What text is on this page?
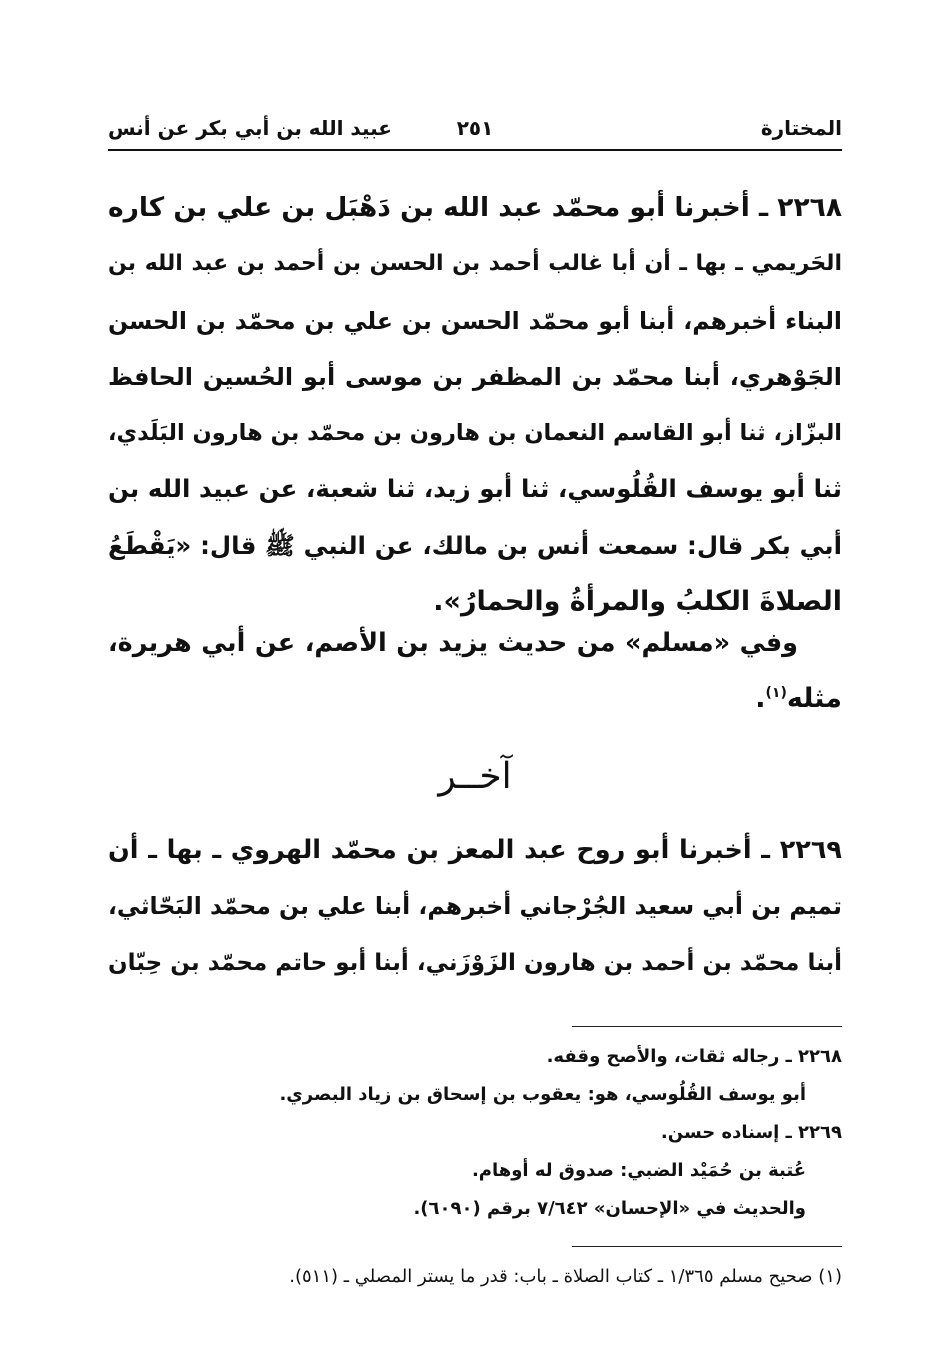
المختارة
٢٥١
عبيد الله بن أبي بكر عن أنس
٢٢٦٨ ـ أخبرنا أبو محمّد عبد الله بن دَهْبَل بن علي بن كاره
الحَريمي ـ بها ـ أن أبا غالب أحمد بن الحسن بن أحمد بن عبد الله بن
البناء أخبرهم، أبنا أبو محمّد الحسن بن علي بن محمّد بن الحسن
الجَوْهري، أبنا محمّد بن المظفر بن موسى أبو الحُسين الحافظ
البزّاز، ثنا أبو القاسم النعمان بن هارون بن محمّد بن هارون البَلَدي،
ثنا أبو يوسف القُلُوسي، ثنا أبو زيد، ثنا شعبة، عن عبيد الله بن
أبي بكر قال: سمعت أنس بن مالك، عن النبي ﷺ قال: «يَقْطَعُ
الصلاةَ الكلبُ والمرأةُ والحمارُ».
وفي «مسلم» من حديث يزيد بن الأصم، عن أبي هريرة،
مثله$^{(١)}$.
آخــر
٢٢٦٩ ـ أخبرنا أبو روح عبد المعز بن محمّد الهروي ـ بها ـ أن
تميم بن أبي سعيد الجُرْجاني أخبرهم، أبنا علي بن محمّد البَحّاثي،
أبنا محمّد بن أحمد بن هارون الزَوْزَني، أبنا أبو حاتم محمّد بن حِبّان
٢٢٦٨ ـ رجاله ثقات، والأصح وقفه.
أبو يوسف القُلُوسي، هو: يعقوب بن إسحاق بن زياد البصري.
٢٢٦٩ ـ إسناده حسن.
عُتبة بن حُمَيْد الضبي: صدوق له أوهام.
والحديث في «الإحسان» ٧/٦٤٢ برقم (٦٠٩٠).
(١) صحيح مسلم ١/٣٦٥ ـ كتاب الصلاة ـ باب: قدر ما يستر المصلي ـ (٥١١).
